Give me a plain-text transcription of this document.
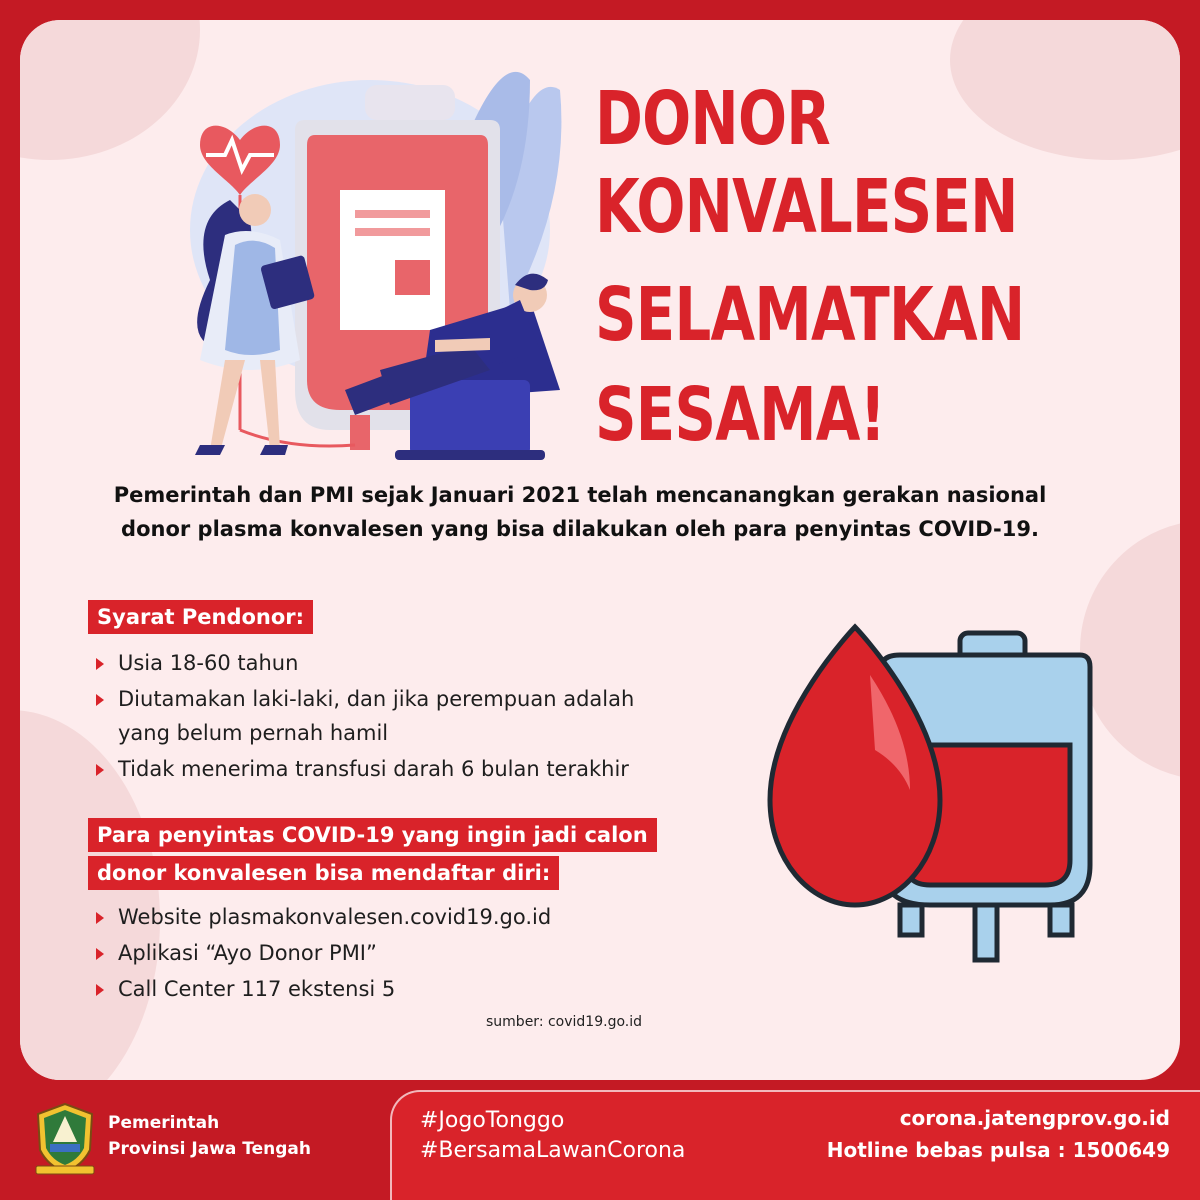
DONOR
KONVALESEN
SELAMATKAN
SESAMA!
Pemerintah dan PMI sejak Januari 2021 telah mencanangkan gerakan nasional
donor plasma konvalesen yang bisa dilakukan oleh para penyintas COVID-19.
Syarat Pendonor:
Usia 18-60 tahun
Diutamakan laki-laki, dan jika perempuan adalah
yang belum pernah hamil
Tidak menerima transfusi darah 6 bulan terakhir
Para penyintas COVID-19 yang ingin jadi calon
donor konvalesen bisa mendaftar diri:
Website plasmakonvalesen.covid19.go.id
Aplikasi “Ayo Donor PMI”
Call Center 117 ekstensi 5
sumber: covid19.go.id
Pemerintah
Provinsi Jawa Tengah
#JogoTonggo
#BersamaLawanCorona
corona.jatengprov.go.id
Hotline bebas pulsa : 1500649
